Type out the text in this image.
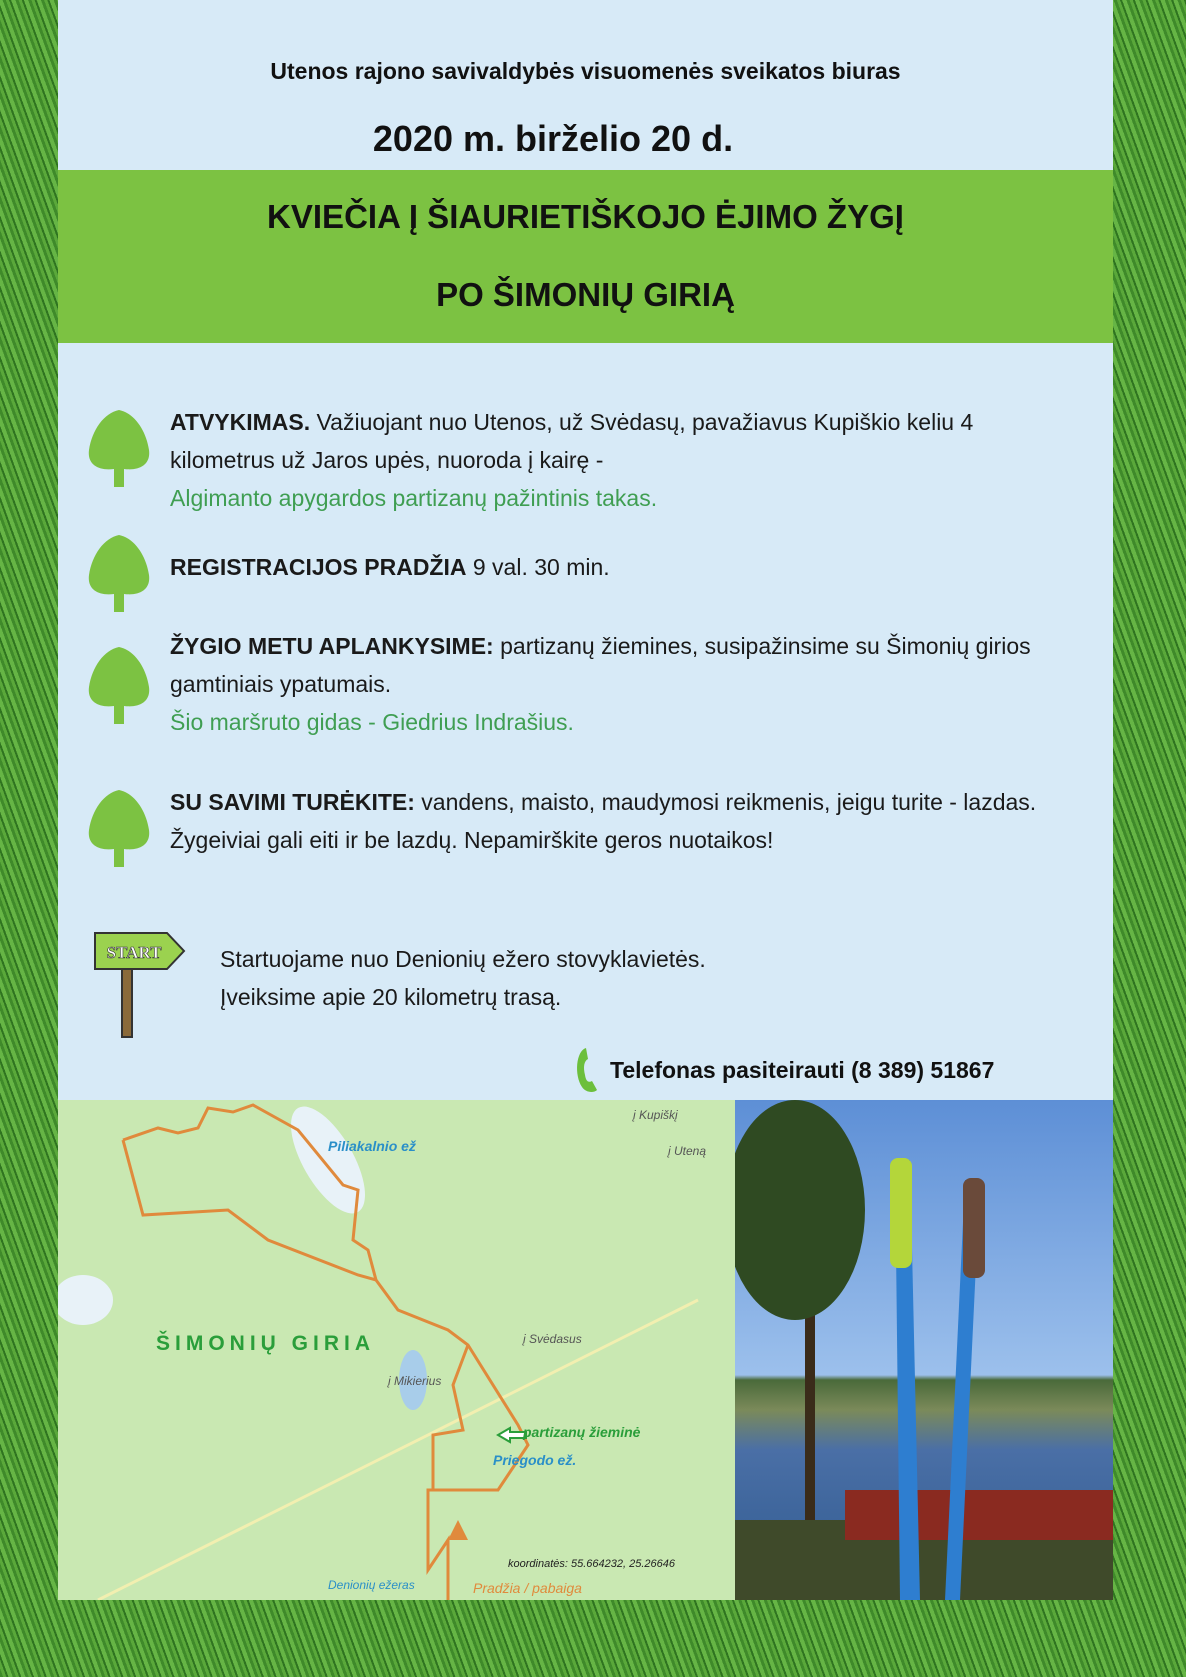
Utenos rajono savivaldybės visuomenės sveikatos biuras
2020 m. birželio 20 d.
KVIEČIA Į ŠIAURIETIŠKOJO ĖJIMO ŽYGĮ
PO ŠIMONIŲ GIRIĄ
ATVYKIMAS. Važiuojant nuo Utenos, už Svėdasų, pavažiavus Kupiškio keliu 4 kilometrus už Jaros upės, nuoroda į kairę -
Algimanto apygardos partizanų pažintinis takas.
REGISTRACIJOS PRADŽIA 9 val. 30 min.
ŽYGIO METU APLANKYSIME: partizanų žiemines, susipažinsime su Šimonių girios gamtiniais ypatumais.
Šio maršruto gidas - Giedrius Indrašius.
SU SAVIMI TURĖKITE: vandens, maisto, maudymosi reikmenis, jeigu turite - lazdas. Žygeiviai gali eiti ir be lazdų. Nepamirškite geros nuotaikos!
START	Startuojame nuo Denionių ežero stovyklavietės.
Įveiksime apie 20 kilometrų trasą.
Telefonas pasiteirauti (8 389) 51867
Piliakalnio ež
ŠIMONIŲ GIRIA
partizanų žieminė
Priegodo ež.
į Kupiškį
į Uteną
į Svėdasus
į Mikierius
koordinatės: 55.664232, 25.26646
Denionių ežeras	Pradžia / pabaiga
